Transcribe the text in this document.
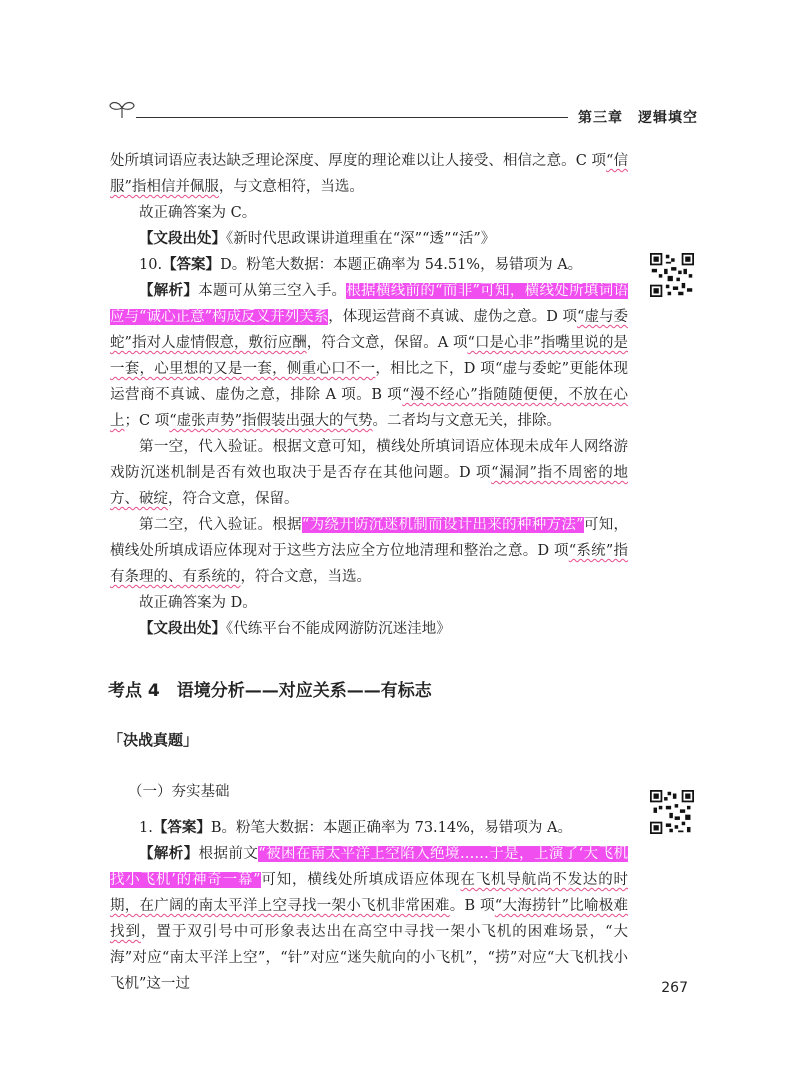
第三章　逻辑填空

处所填词语应表达缺乏理论深度、厚度的理论难以让人接受、相信之意。C 项“信服”指相信并佩服，与文意相符，当选。

故正确答案为 C。

【文段出处】《新时代思政课讲道理重在“深”“透”“活”》

10.【答案】D。粉笔大数据：本题正确率为 54.51%，易错项为 A。

【解析】本题可从第三空入手。根据横线前的“而非”可知，横线处所填词语应与“诚心正意”构成反义并列关系，体现运营商不真诚、虚伪之意。D 项“虚与委蛇”指对人虚情假意，敷衍应酬，符合文意，保留。A 项“口是心非”指嘴里说的是一套，心里想的又是一套，侧重心口不一，相比之下，D 项“虚与委蛇”更能体现运营商不真诚、虚伪之意，排除 A 项。B 项“漫不经心”指随随便便，不放在心上；C 项“虚张声势”指假装出强大的气势。二者均与文意无关，排除。

第一空，代入验证。根据文意可知，横线处所填词语应体现未成年人网络游戏防沉迷机制是否有效也取决于是否存在其他问题。D 项“漏洞”指不周密的地方、破绽，符合文意，保留。

第二空，代入验证。根据“为绕开防沉迷机制而设计出来的种种方法”可知，横线处所填成语应体现对于这些方法应全方位地清理和整治之意。D 项“系统”指有条理的、有系统的，符合文意，当选。

故正确答案为 D。

【文段出处】《代练平台不能成网游防沉迷洼地》

考点 4　语境分析——对应关系——有标志
「决战真题」
（一）夯实基础

1.【答案】B。粉笔大数据：本题正确率为 73.14%，易错项为 A。

【解析】根据前文“被困在南太平洋上空陷入绝境……于是，上演了‘大飞机找小飞机’的神奇一幕”可知，横线处所填成语应体现在飞机导航尚不发达的时期，在广阔的南太平洋上空寻找一架小飞机非常困难。B 项“大海捞针”比喻极难找到，置于双引号中可形象表达出在高空中寻找一架小飞机的困难场景，“大海”对应“南太平洋上空”，“针”对应“迷失航向的小飞机”，“捞”对应“大飞机找小飞机”这一过	267
